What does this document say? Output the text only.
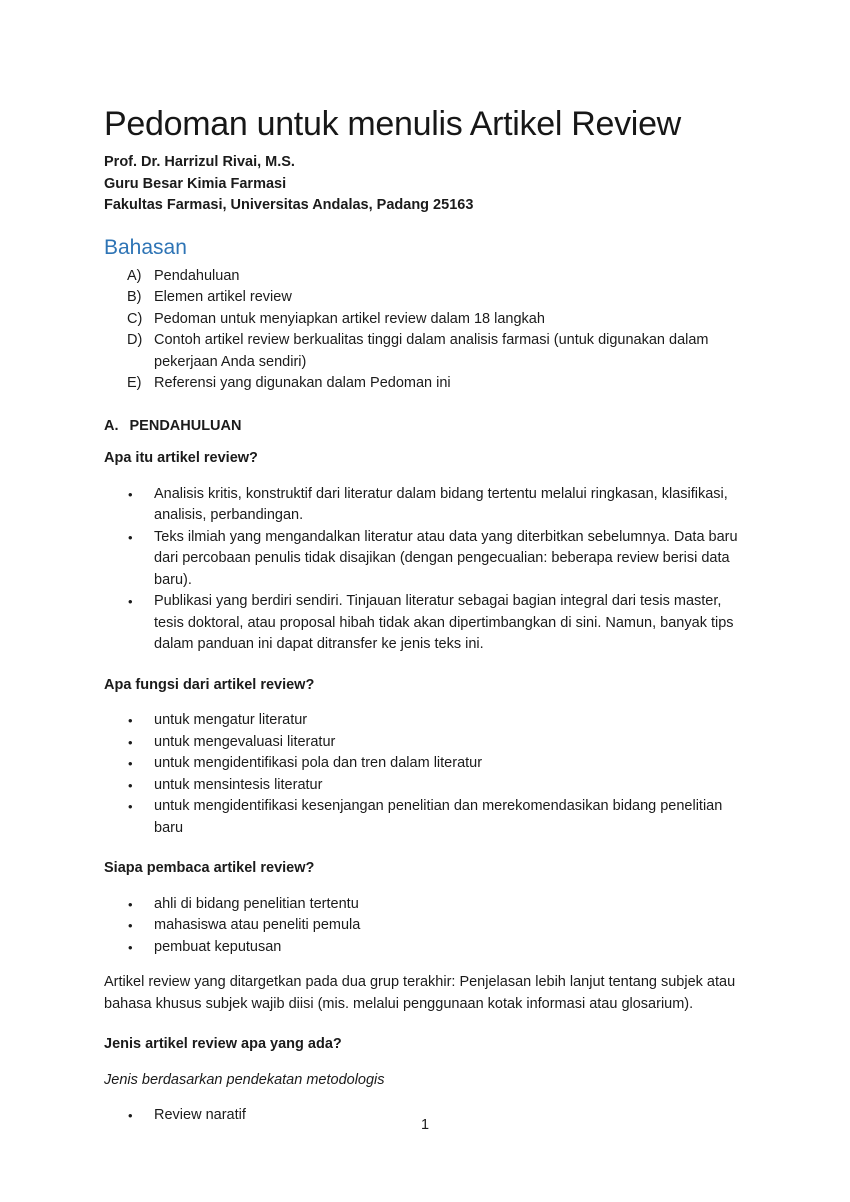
Pedoman untuk menulis Artikel Review

Prof. Dr. Harrizul Rivai, M.S.

Guru Besar Kimia Farmasi

Fakultas Farmasi, Universitas Andalas, Padang 25163

Bahasan
A) Pendahuluan
B) Elemen artikel review
C) Pedoman untuk menyiapkan artikel review dalam 18 langkah
D) Contoh artikel review berkualitas tinggi dalam analisis farmasi (untuk digunakan dalam pekerjaan Anda sendiri)
E) Referensi yang digunakan dalam Pedoman ini
A. PENDAHULUAN
Apa itu artikel review?
•	Analisis kritis, konstruktif dari literatur dalam bidang tertentu melalui ringkasan, klasifikasi, analisis, perbandingan.
•	Teks ilmiah yang mengandalkan literatur atau data yang diterbitkan sebelumnya. Data baru dari percobaan penulis tidak disajikan (dengan pengecualian: beberapa review berisi data baru).
•	Publikasi yang berdiri sendiri. Tinjauan literatur sebagai bagian integral dari tesis master, tesis doktoral, atau proposal hibah tidak akan dipertimbangkan di sini. Namun, banyak tips dalam panduan ini dapat ditransfer ke jenis teks ini.
Apa fungsi dari artikel review?
•	untuk mengatur literatur
•	untuk mengevaluasi literatur
•	untuk mengidentifikasi pola dan tren dalam literatur
•	untuk mensintesis literatur
•	untuk mengidentifikasi kesenjangan penelitian dan merekomendasikan bidang penelitian baru
Siapa pembaca artikel review?
•	ahli di bidang penelitian tertentu
•	mahasiswa atau peneliti pemula
•	pembuat keputusan

Artikel review yang ditargetkan pada dua grup terakhir: Penjelasan lebih lanjut tentang subjek atau bahasa khusus subjek wajib diisi (mis. melalui penggunaan kotak informasi atau glosarium).

Jenis artikel review apa yang ada?

Jenis berdasarkan pendekatan metodologis

•	Review naratif
1
